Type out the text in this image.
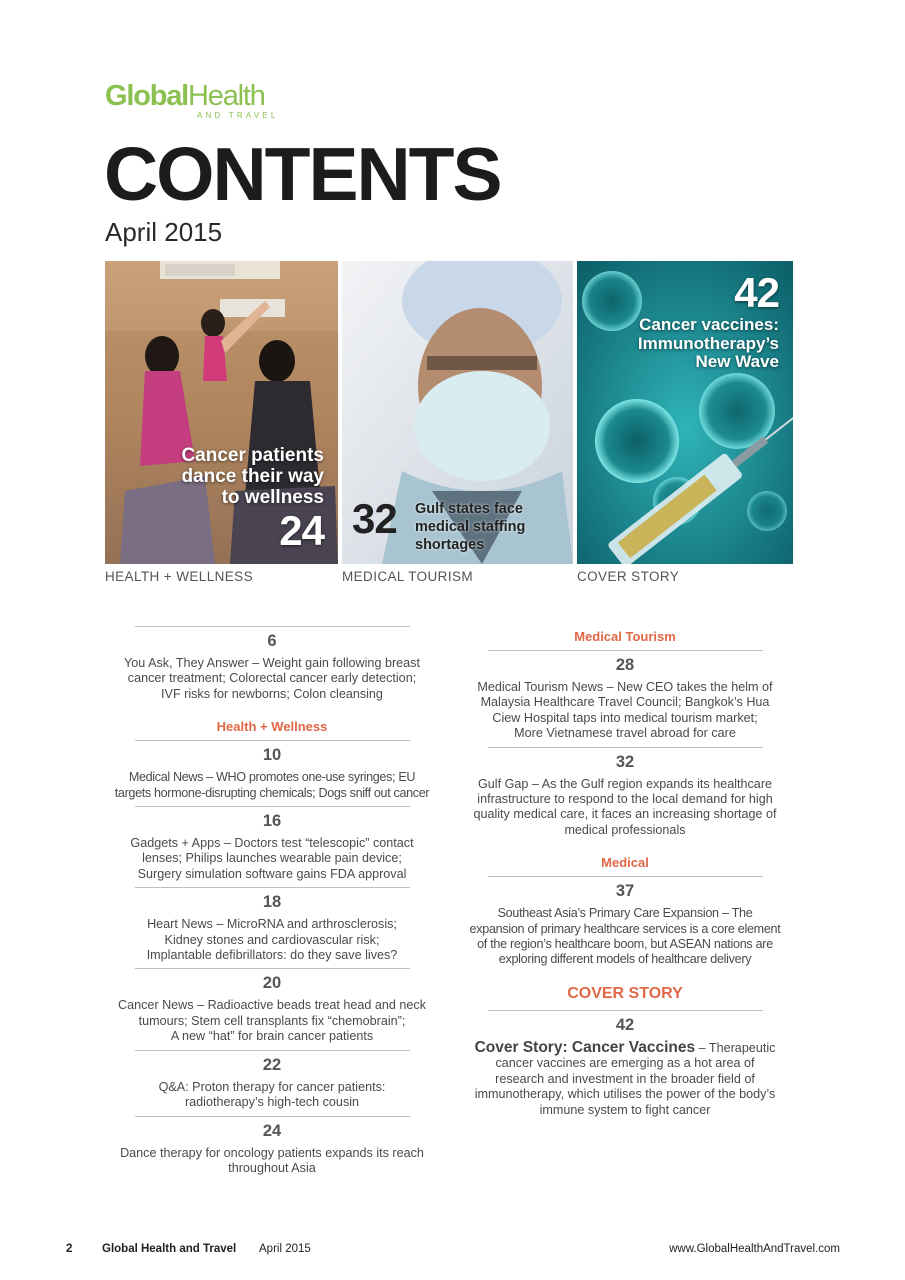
GlobalHealth
AND TRAVEL
CONTENTS
April 2015
Cancer patients
dance their way
to wellness
24 32 Gulf states face
medical staffing
shortages
42
Cancer vaccines:
Immunotherapy’s
New Wave
HEALTH + WELLNESS	MEDICAL TOURISM	COVER STORY
6
You Ask, They Answer – Weight gain following breast
cancer treatment; Colorectal cancer early detection;
IVF risks for newborns; Colon cleansing
Health + Wellness
10
Medical News – WHO promotes one-use syringes; EU
targets hormone-disrupting chemicals; Dogs sniff out cancer
16
Gadgets + Apps – Doctors test “telescopic” contact
lenses; Philips launches wearable pain device;
Surgery simulation software gains FDA approval
18
Heart News – MicroRNA and arthrosclerosis;
Kidney stones and cardiovascular risk;
Implantable defibrillators: do they save lives?
20
Cancer News – Radioactive beads treat head and neck
tumours; Stem cell transplants fix “chemobrain”;
A new “hat” for brain cancer patients
22
Q&A: Proton therapy for cancer patients:
radiotherapy’s high-tech cousin
24
Dance therapy for oncology patients expands its reach
throughout Asia
Medical Tourism
28
Medical Tourism News – New CEO takes the helm of
Malaysia Healthcare Travel Council; Bangkok’s Hua
Ciew Hospital taps into medical tourism market;
More Vietnamese travel abroad for care
32
Gulf Gap – As the Gulf region expands its healthcare
infrastructure to respond to the local demand for high
quality medical care, it faces an increasing shortage of
medical professionals
Medical
37
Southeast Asia’s Primary Care Expansion – The
expansion of primary healthcare services is a core element
of the region’s healthcare boom, but ASEAN nations are
exploring different models of healthcare delivery
COVER STORY
42
Cover Story: Cancer Vaccines – Therapeutic
cancer vaccines are emerging as a hot area of
research and investment in the broader field of
immunotherapy, which utilises the power of the body’s
immune system to fight cancer
2	Global Health and Travel April 2015	www.GlobalHealthAndTravel.com
